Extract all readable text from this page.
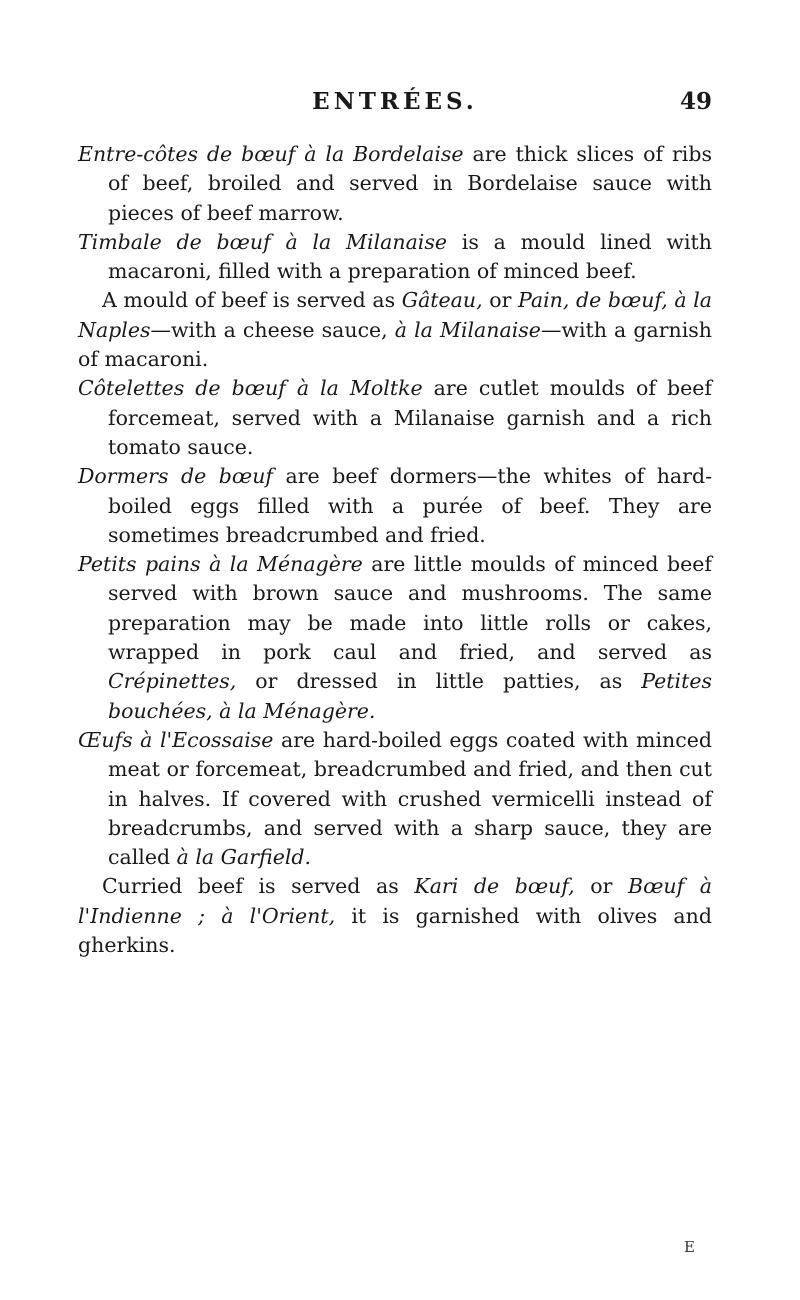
ENTRÉES.	49

Entre-côtes de bœuf à la Bordelaise are thick slices of ribs of beef, broiled and served in Bordelaise sauce with pieces of beef marrow.

Timbale de bœuf à la Milanaise is a mould lined with macaroni, filled with a preparation of minced beef.

A mould of beef is served as Gâteau, or Pain, de bœuf, à la Naples—with a cheese sauce, à la Milanaise—with a garnish of macaroni.

Côtelettes de bœuf à la Moltke are cutlet moulds of beef forcemeat, served with a Milanaise garnish and a rich tomato sauce.

Dormers de bœuf are beef dormers—the whites of hard-boiled eggs filled with a purée of beef. They are sometimes breadcrumbed and fried.

Petits pains à la Ménagère are little moulds of minced beef served with brown sauce and mushrooms. The same preparation may be made into little rolls or cakes, wrapped in pork caul and fried, and served as Crépinettes, or dressed in little patties, as Petites bouchées, à la Ménagère.

Œufs à l'Ecossaise are hard-boiled eggs coated with minced meat or forcemeat, breadcrumbed and fried, and then cut in halves. If covered with crushed vermicelli instead of breadcrumbs, and served with a sharp sauce, they are called à la Garfield.

Curried beef is served as Kari de bœuf, or Bœuf à l'Indienne ; à l'Orient, it is garnished with olives and gherkins.

E
